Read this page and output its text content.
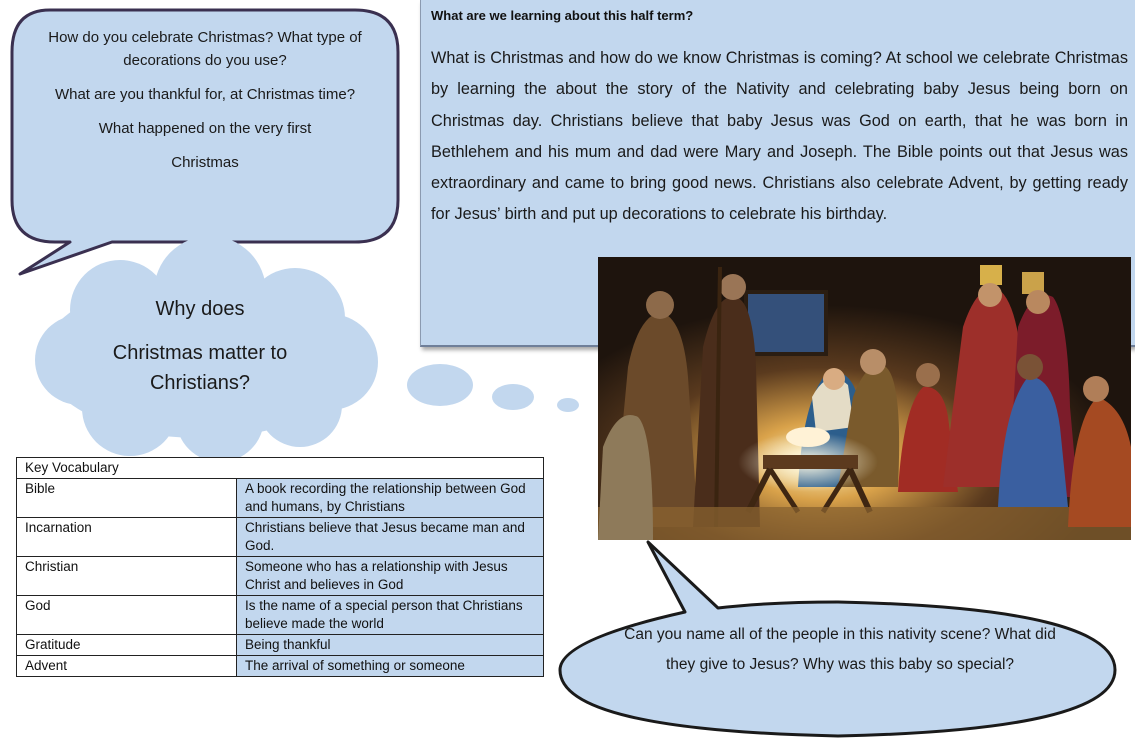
How do you celebrate Christmas? What type of decorations do you use?

What are you thankful for, at Christmas time?

What happened on the very first

Christmas

What are we learning about this half term?
What is Christmas and how do we know Christmas is coming? At school we celebrate Christmas by learning the about the story of the Nativity and celebrating baby Jesus being born on Christmas day. Christians believe that baby Jesus was God on earth, that he was born in Bethlehem and his mum and dad were Mary and Joseph. The Bible points out that Jesus was extraordinary and came to bring good news. Christians also celebrate Advent, by getting ready for Jesus’ birth and put up decorations to celebrate his birthday.
Why does
Christmas matter to Christians?
Key Vocabulary	
Bible	A book recording the relationship between God and humans, by Christians
Incarnation	Christians believe that Jesus became man and God.
Christian	Someone who has a relationship with Jesus Christ and believes in God
God	Is the name of a special person that Christians believe made the world
Gratitude	Being thankful
Advent	The arrival of something or someone
Can you name all of the people in this nativity scene? What did they give to Jesus? Why was this baby so special?
